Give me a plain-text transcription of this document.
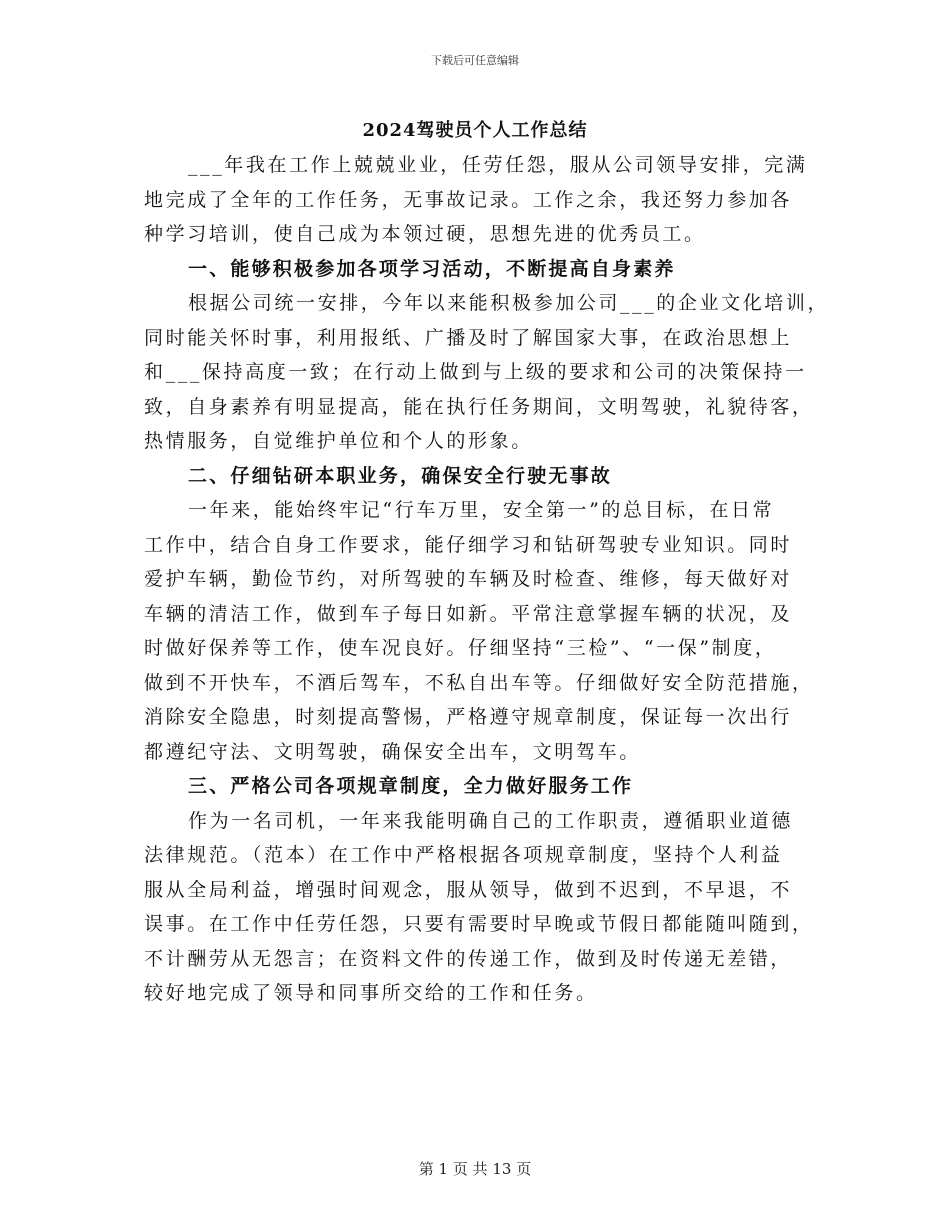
下载后可任意编辑
2024驾驶员个人工作总结
___年我在工作上兢兢业业，任劳任怨，服从公司领导安排，完满
地完成了全年的工作任务，无事故记录。工作之余，我还努力参加各
种学习培训，使自己成为本领过硬，思想先进的优秀员工。
一、能够积极参加各项学习活动，不断提高自身素养
根据公司统一安排，今年以来能积极参加公司___的企业文化培训，
同时能关怀时事，利用报纸、广播及时了解国家大事，在政治思想上
和___保持高度一致；在行动上做到与上级的要求和公司的决策保持一
致，自身素养有明显提高，能在执行任务期间，文明驾驶，礼貌待客，
热情服务，自觉维护单位和个人的形象。
二、仔细钻研本职业务，确保安全行驶无事故
一年来，能始终牢记“行车万里，安全第一”的总目标，在日常
工作中，结合自身工作要求，能仔细学习和钻研驾驶专业知识。同时
爱护车辆，勤俭节约，对所驾驶的车辆及时检查、维修，每天做好对
车辆的清洁工作，做到车子每日如新。平常注意掌握车辆的状况，及
时做好保养等工作，使车况良好。仔细坚持“三检”、“一保”制度，
做到不开快车，不酒后驾车，不私自出车等。仔细做好安全防范措施，
消除安全隐患，时刻提高警惕，严格遵守规章制度，保证每一次出行
都遵纪守法、文明驾驶，确保安全出车，文明驾车。
三、严格公司各项规章制度，全力做好服务工作
作为一名司机，一年来我能明确自己的工作职责，遵循职业道德
法律规范。（范本）在工作中严格根据各项规章制度，坚持个人利益
服从全局利益，增强时间观念，服从领导，做到不迟到，不早退，不
误事。在工作中任劳任怨，只要有需要时早晚或节假日都能随叫随到，
不计酬劳从无怨言；在资料文件的传递工作，做到及时传递无差错，
较好地完成了领导和同事所交给的工作和任务。
第 1 页 共 13 页
